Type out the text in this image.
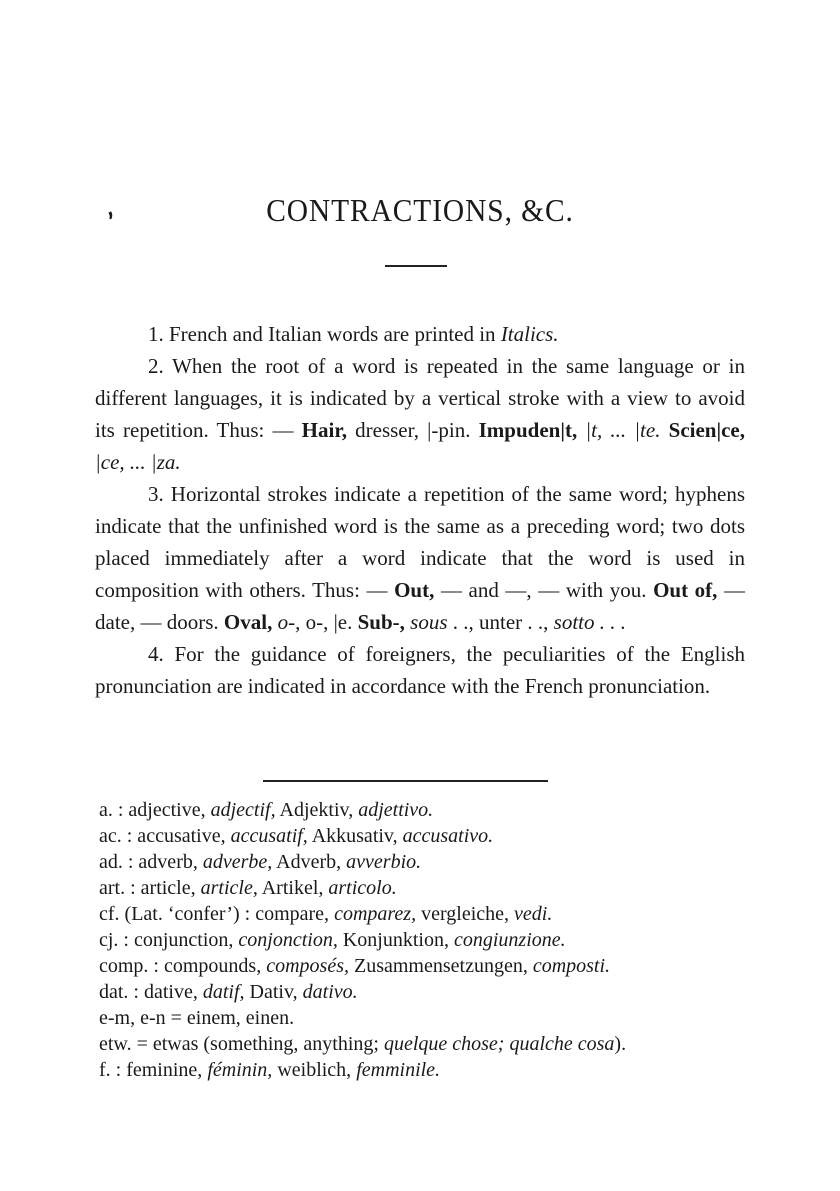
,	CONTRACTIONS, &C.

1. French and Italian words are printed in Italics.

2. When the root of a word is repeated in the same language or in different languages, it is indicated by a vertical stroke with a view to avoid its repetition. Thus: — Hair, dresser, |-pin. Impuden|t, |t, ... |te. Scien|ce, |ce, ... |za.

3. Horizontal strokes indicate a repetition of the same word; hyphens indicate that the unfinished word is the same as a preceding word; two dots placed immediately after a word indicate that the word is used in composition with others. Thus: — Out, — and —, — with you. Out of, — date, — doors. Oval, o-, o-, |e. Sub-, sous . ., unter . ., sotto . . .

4. For the guidance of foreigners, the peculiarities of the English pronunciation are indicated in accordance with the French pronunciation.

a. : adjective, adjectif, Adjektiv, adjettivo.
ac. : accusative, accusatif, Akkusativ, accusativo.
ad. : adverb, adverbe, Adverb, avverbio.
art. : article, article, Artikel, articolo.
cf. (Lat. ‘confer’) : compare, comparez, vergleiche, vedi.
cj. : conjunction, conjonction, Konjunktion, congiunzione.
comp. : compounds, composés, Zusammensetzungen, composti.
dat. : dative, datif, Dativ, dativo.
e-m, e-n = einem, einen.
etw. = etwas (something, anything; quelque chose; qualche cosa).
f. : feminine, féminin, weiblich, femminile.
